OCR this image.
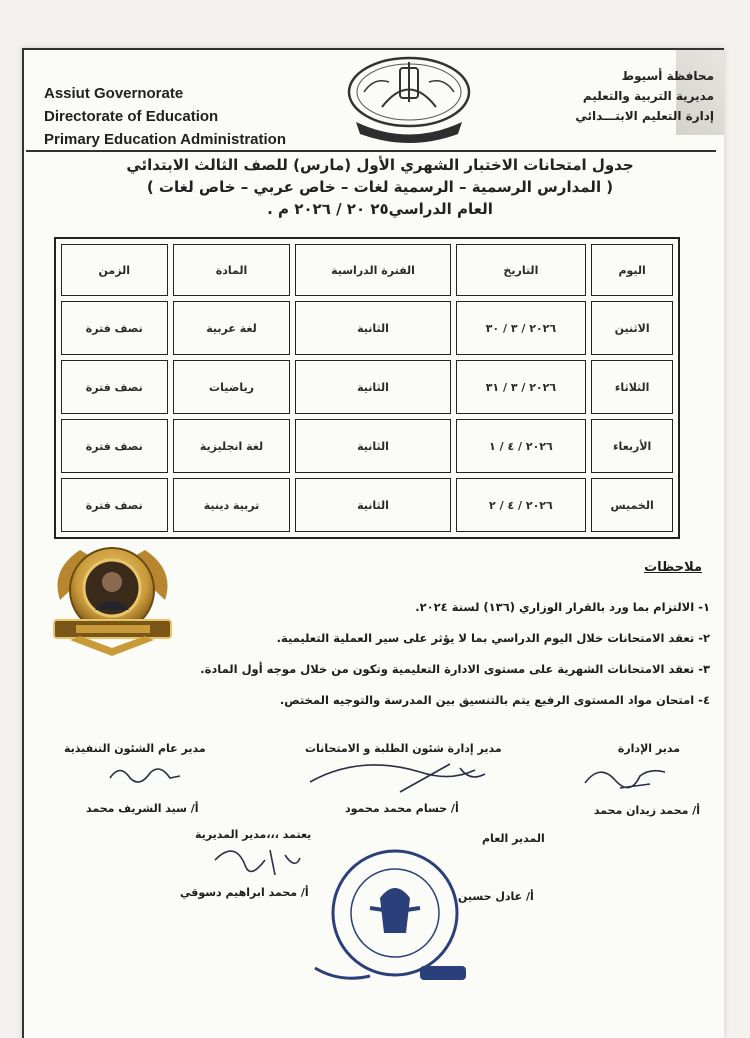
Assiut Governorate
Directorate of Education
Primary Education Administration
محافظة أسيوط
مديرية التربية والتعليم
إدارة التعليم الابتـــدائي
جدول امتحانات الاختبار الشهري الأول (مارس) للصف الثالث الابتدائي
( المدارس الرسمية – الرسمية لغات – خاص عربي – خاص لغات )
العام الدراسي٢٥ ٢٠ / ٢٠٢٦ م .
اليوم	التاريخ	الفترة الدراسية	المادة	الزمن
الاثنين	٢٠٢٦ / ٣ / ٣٠	الثانية	لغة عربية	نصف فترة
الثلاثاء	٢٠٢٦ / ٣ / ٣١	الثانية	رياضيات	نصف فترة
الأربعاء	٢٠٢٦ / ٤ / ١	الثانية	لغة انجليزية	نصف فترة
الخميس	٢٠٢٦ / ٤ / ٢	الثانية	تربية دينية	نصف فترة
ملاحظات
١- الالتزام بما ورد بالقرار الوزاري (١٣٦) لسنة ٢٠٢٤.
٢- تعقد الامتحانات خلال اليوم الدراسي بما لا يؤثر على سير العملية التعليمية.
٣- تعقد الامتحانات الشهرية على مستوى الادارة التعليمية وتكون من خلال موجه أول المادة.
٤- امتحان مواد المستوى الرفيع يتم بالتنسيق بين المدرسة والتوجيه المختص.
مدير الإدارة
مدير إدارة شئون الطلبة و الامتحانات
مدير عام الشئون التنفيذية
أ/ محمد زيدان محمد
أ/ حسام محمد محمود
أ/ سيد الشريف محمد
المدير العام
يعتمد ،،،مدير المديرية
أ/ محمد ابراهيم دسوقي	أ/ عادل حسين
